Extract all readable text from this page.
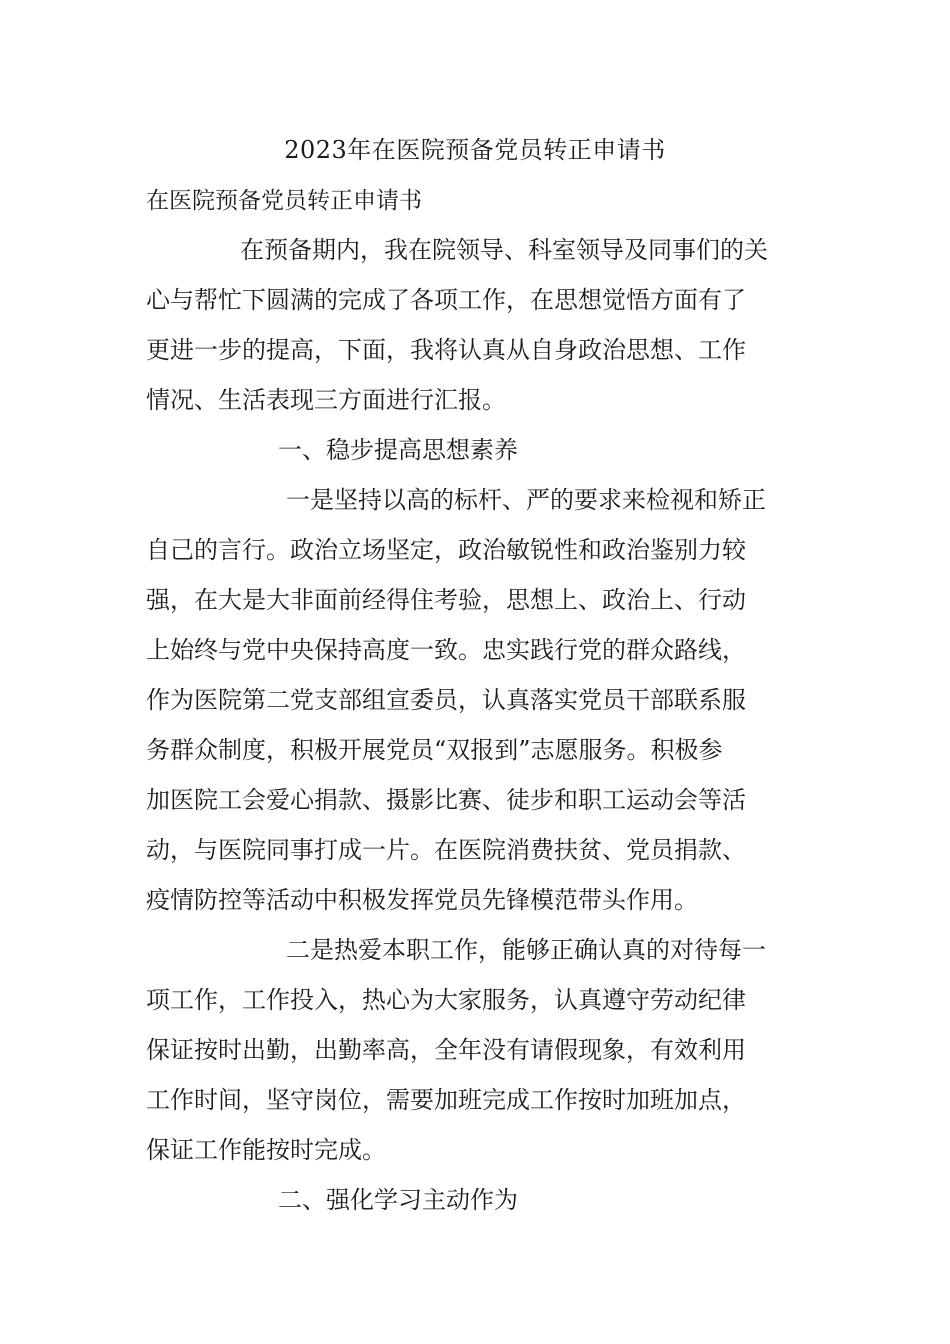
2023年在医院预备党员转正申请书
在医院预备党员转正申请书
在预备期内，我在院领导、科室领导及同事们的关
心与帮忙下圆满的完成了各项工作，在思想觉悟方面有了
更进一步的提高，下面，我将认真从自身政治思想、工作
情况、生活表现三方面进行汇报。
一、稳步提高思想素养
一是坚持以高的标杆、严的要求来检视和矫正
自己的言行。政治立场坚定，政治敏锐性和政治鉴别力较
强，在大是大非面前经得住考验，思想上、政治上、行动
上始终与党中央保持高度一致。忠实践行党的群众路线，
作为医院第二党支部组宣委员，认真落实党员干部联系服
务群众制度，积极开展党员“双报到”志愿服务。积极参
加医院工会爱心捐款、摄影比赛、徒步和职工运动会等活
动，与医院同事打成一片。在医院消费扶贫、党员捐款、
疫情防控等活动中积极发挥党员先锋模范带头作用。
二是热爱本职工作，能够正确认真的对待每一
项工作，工作投入，热心为大家服务，认真遵守劳动纪律
保证按时出勤，出勤率高，全年没有请假现象，有效利用
工作时间，坚守岗位，需要加班完成工作按时加班加点，
保证工作能按时完成。
二、强化学习主动作为
